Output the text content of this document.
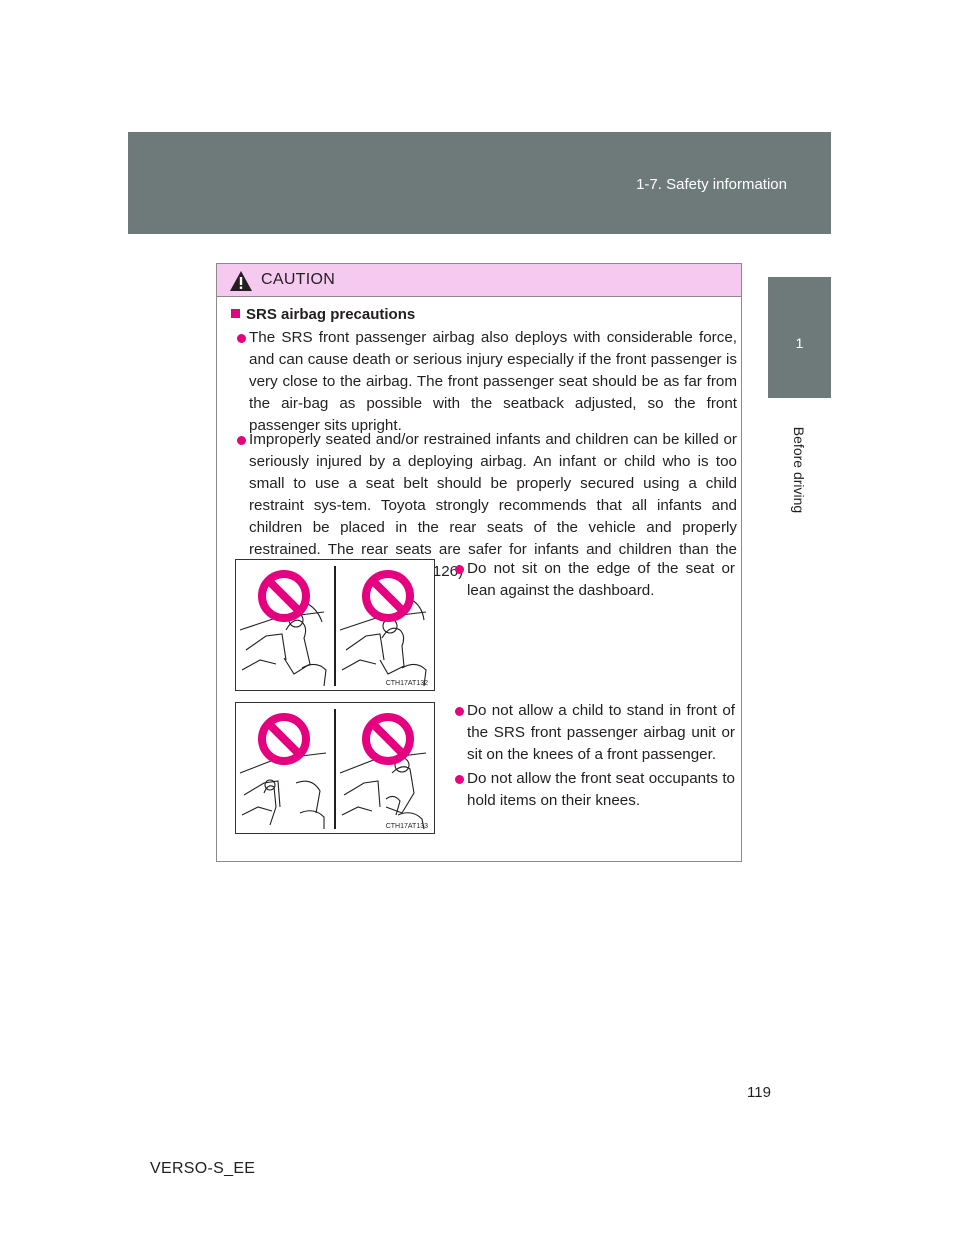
1-7. Safety information
1
Before driving
CAUTION
SRS airbag precautions
The SRS front passenger airbag also deploys with considerable force, and can cause death or serious injury especially if the front passenger is very close to the airbag. The front passenger seat should be as far from the air-bag as possible with the seatback adjusted, so the front passenger sits upright.
Improperly seated and/or restrained infants and children can be killed or seriously injured by a deploying airbag. An infant or child who is too small to use a seat belt should be properly secured using a child restraint sys-tem. Toyota strongly recommends that all infants and children be placed in the rear seats of the vehicle and properly restrained. The rear seats are safer for infants and children than the 126)
CTH17AT132
Do not sit on the edge of the seat or lean against the dashboard.
CTH17AT133
Do not allow a child to stand in front of the SRS front passenger airbag unit or sit on the knees of a front passenger.
Do not allow the front seat occupants to hold items on their knees.
119
VERSO-S_EE
